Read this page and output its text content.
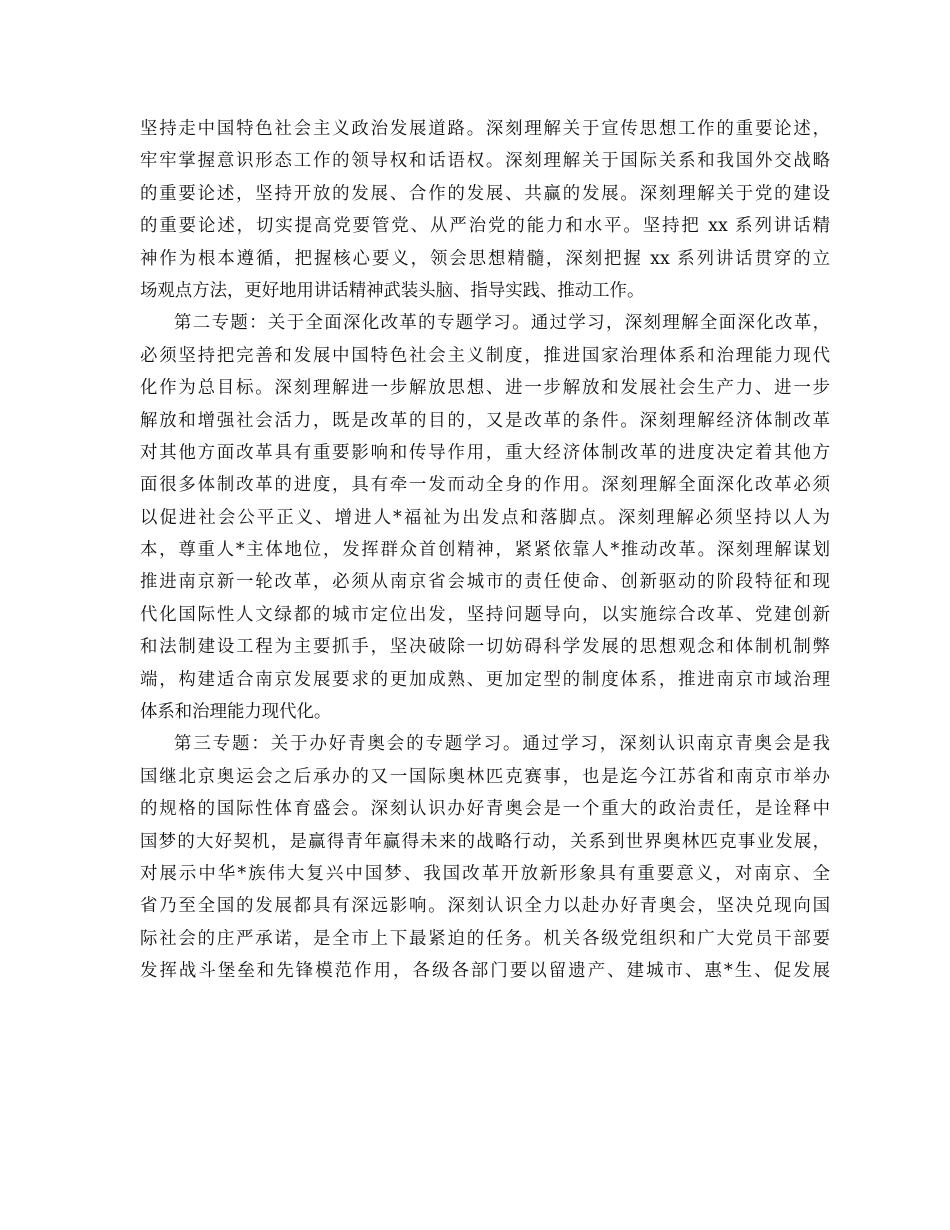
坚持走中国特色社会主义政治发展道路。深刻理解关于宣传思想工作的重要论述，
牢牢掌握意识形态工作的领导权和话语权。深刻理解关于国际关系和我国外交战略
的重要论述，坚持开放的发展、合作的发展、共赢的发展。深刻理解关于党的建设
的重要论述，切实提高党要管党、从严治党的能力和水平。坚持把 xx 系列讲话精
神作为根本遵循，把握核心要义，领会思想精髓，深刻把握 xx 系列讲话贯穿的立
场观点方法，更好地用讲话精神武装头脑、指导实践、推动工作。
第二专题：关于全面深化改革的专题学习。通过学习，深刻理解全面深化改革，
必须坚持把完善和发展中国特色社会主义制度，推进国家治理体系和治理能力现代
化作为总目标。深刻理解进一步解放思想、进一步解放和发展社会生产力、进一步
解放和增强社会活力，既是改革的目的，又是改革的条件。深刻理解经济体制改革
对其他方面改革具有重要影响和传导作用，重大经济体制改革的进度决定着其他方
面很多体制改革的进度，具有牵一发而动全身的作用。深刻理解全面深化改革必须
以促进社会公平正义、增进人*福祉为出发点和落脚点。深刻理解必须坚持以人为
本，尊重人*主体地位，发挥群众首创精神，紧紧依靠人*推动改革。深刻理解谋划
推进南京新一轮改革，必须从南京省会城市的责任使命、创新驱动的阶段特征和现
代化国际性人文绿都的城市定位出发，坚持问题导向，以实施综合改革、党建创新
和法制建设工程为主要抓手，坚决破除一切妨碍科学发展的思想观念和体制机制弊
端，构建适合南京发展要求的更加成熟、更加定型的制度体系，推进南京市域治理
体系和治理能力现代化。
第三专题：关于办好青奥会的专题学习。通过学习，深刻认识南京青奥会是我
国继北京奥运会之后承办的又一国际奥林匹克赛事，也是迄今江苏省和南京市举办
的规格的国际性体育盛会。深刻认识办好青奥会是一个重大的政治责任，是诠释中
国梦的大好契机，是赢得青年赢得未来的战略行动，关系到世界奥林匹克事业发展，
对展示中华*族伟大复兴中国梦、我国改革开放新形象具有重要意义，对南京、全
省乃至全国的发展都具有深远影响。深刻认识全力以赴办好青奥会，坚决兑现向国
际社会的庄严承诺，是全市上下最紧迫的任务。机关各级党组织和广大党员干部要
发挥战斗堡垒和先锋模范作用，各级各部门要以留遗产、建城市、惠*生、促发展
